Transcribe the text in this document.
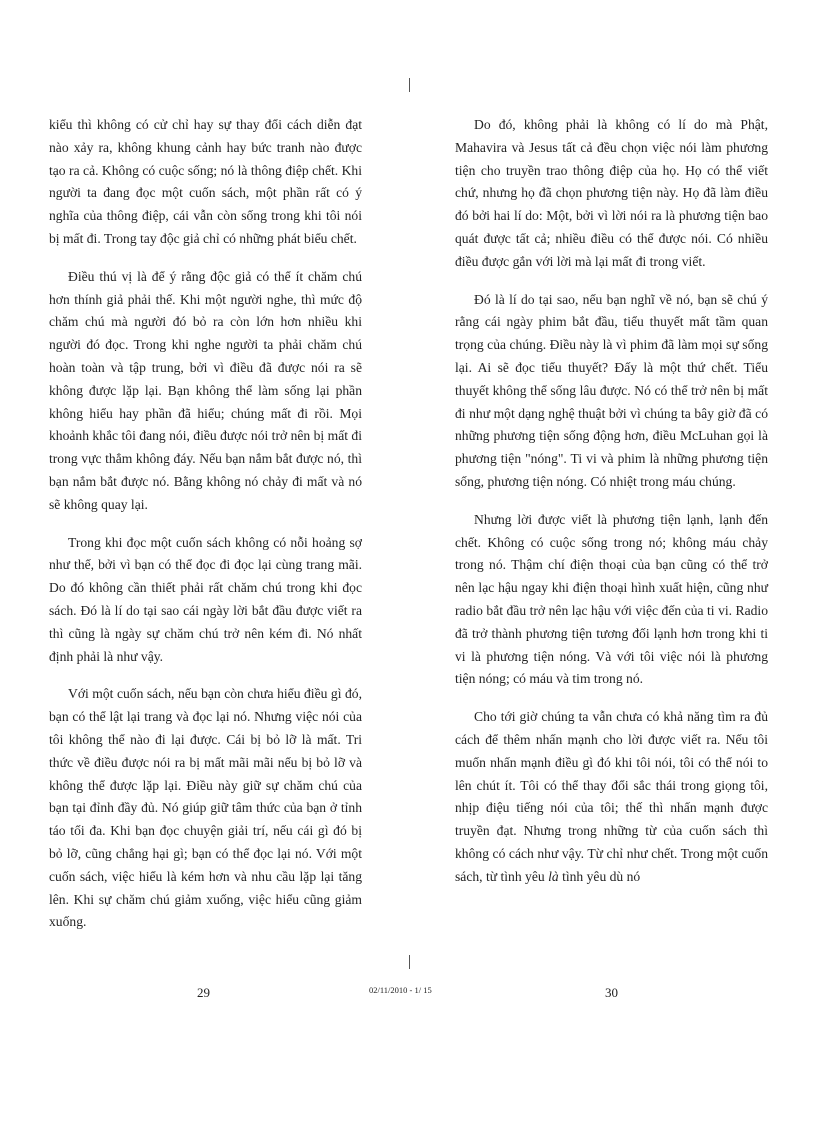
kiểu thì không có cử chỉ hay sự thay đổi cách diễn đạt nào xảy ra, không khung cảnh hay bức tranh nào được tạo ra cả. Không có cuộc sống; nó là thông điệp chết. Khi người ta đang đọc một cuốn sách, một phần rất có ý nghĩa của thông điệp, cái vẫn còn sống trong khi tôi nói bị mất đi. Trong tay độc giả chỉ có những phát biểu chết.

Điều thú vị là để ý rằng độc giả có thể ít chăm chú hơn thính giả phải thế. Khi một người nghe, thì mức độ chăm chú mà người đó bỏ ra còn lớn hơn nhiều khi người đó đọc. Trong khi nghe người ta phải chăm chú hoàn toàn và tập trung, bởi vì điều đã được nói ra sẽ không được lặp lại. Bạn không thể làm sống lại phần không hiểu hay phần đã hiểu; chúng mất đi rồi. Mọi khoảnh khắc tôi đang nói, điều được nói trở nên bị mất đi trong vực thẳm không đáy. Nếu bạn nắm bắt được nó, thì bạn nắm bắt được nó. Bằng không nó chảy đi mất và nó sẽ không quay lại.

Trong khi đọc một cuốn sách không có nỗi hoảng sợ như thế, bởi vì bạn có thể đọc đi đọc lại cùng trang mãi. Do đó không cần thiết phải rất chăm chú trong khi đọc sách. Đó là lí do tại sao cái ngày lời bắt đầu được viết ra thì cũng là ngày sự chăm chú trở nên kém đi. Nó nhất định phải là như vậy.

Với một cuốn sách, nếu bạn còn chưa hiểu điều gì đó, bạn có thể lật lại trang và đọc lại nó. Nhưng việc nói của tôi không thể nào đi lại được. Cái bị bỏ lỡ là mất. Tri thức về điều được nói ra bị mất mãi mãi nếu bị bỏ lỡ và không thể được lặp lại. Điều này giữ sự chăm chú của bạn tại đỉnh đầy đủ. Nó giúp giữ tâm thức của bạn ở tỉnh táo tối đa. Khi bạn đọc chuyện giải trí, nếu cái gì đó bị bỏ lỡ, cũng chẳng hại gì; bạn có thể đọc lại nó. Với một cuốn sách, việc hiểu là kém hơn và nhu cầu lặp lại tăng lên. Khi sự chăm chú giảm xuống, việc hiểu cũng giảm xuống.

Do đó, không phải là không có lí do mà Phật, Mahavira và Jesus tất cả đều chọn việc nói làm phương tiện cho truyền trao thông điệp của họ. Họ có thể viết chứ, nhưng họ đã chọn phương tiện này. Họ đã làm điều đó bởi hai lí do: Một, bởi vì lời nói ra là phương tiện bao quát được tất cả; nhiều điều có thể được nói. Có nhiều điều được gắn với lời mà lại mất đi trong viết.

Đó là lí do tại sao, nếu bạn nghĩ về nó, bạn sẽ chú ý rằng cái ngày phim bắt đầu, tiểu thuyết mất tầm quan trọng của chúng. Điều này là vì phim đã làm mọi sự sống lại. Ai sẽ đọc tiểu thuyết? Đấy là một thứ chết. Tiểu thuyết không thể sống lâu được. Nó có thể trở nên bị mất đi như một dạng nghệ thuật bởi vì chúng ta bây giờ đã có những phương tiện sống động hơn, điều McLuhan gọi là phương tiện "nóng". Ti vi và phim là những phương tiện sống, phương tiện nóng. Có nhiệt trong máu chúng.

Nhưng lời được viết là phương tiện lạnh, lạnh đến chết. Không có cuộc sống trong nó; không máu chảy trong nó. Thậm chí điện thoại của bạn cũng có thể trở nên lạc hậu ngay khi điện thoại hình xuất hiện, cũng như radio bắt đầu trở nên lạc hậu với việc đến của ti vi. Radio đã trở thành phương tiện tương đối lạnh hơn trong khi ti vi là phương tiện nóng. Và với tôi việc nói là phương tiện nóng; có máu và tim trong nó.

Cho tới giờ chúng ta vẫn chưa có khả năng tìm ra đủ cách để thêm nhấn mạnh cho lời được viết ra. Nếu tôi muốn nhấn mạnh điều gì đó khi tôi nói, tôi có thể nói to lên chút ít. Tôi có thể thay đổi sắc thái trong giọng tôi, nhịp điệu tiếng nói của tôi; thế thì nhấn mạnh được truyền đạt. Nhưng trong những từ của cuốn sách thì không có cách như vậy. Từ chỉ như chết. Trong một cuốn sách, từ tình yêu là tình yêu dù nó

29	02/11/2010 - 1/ 15	30
